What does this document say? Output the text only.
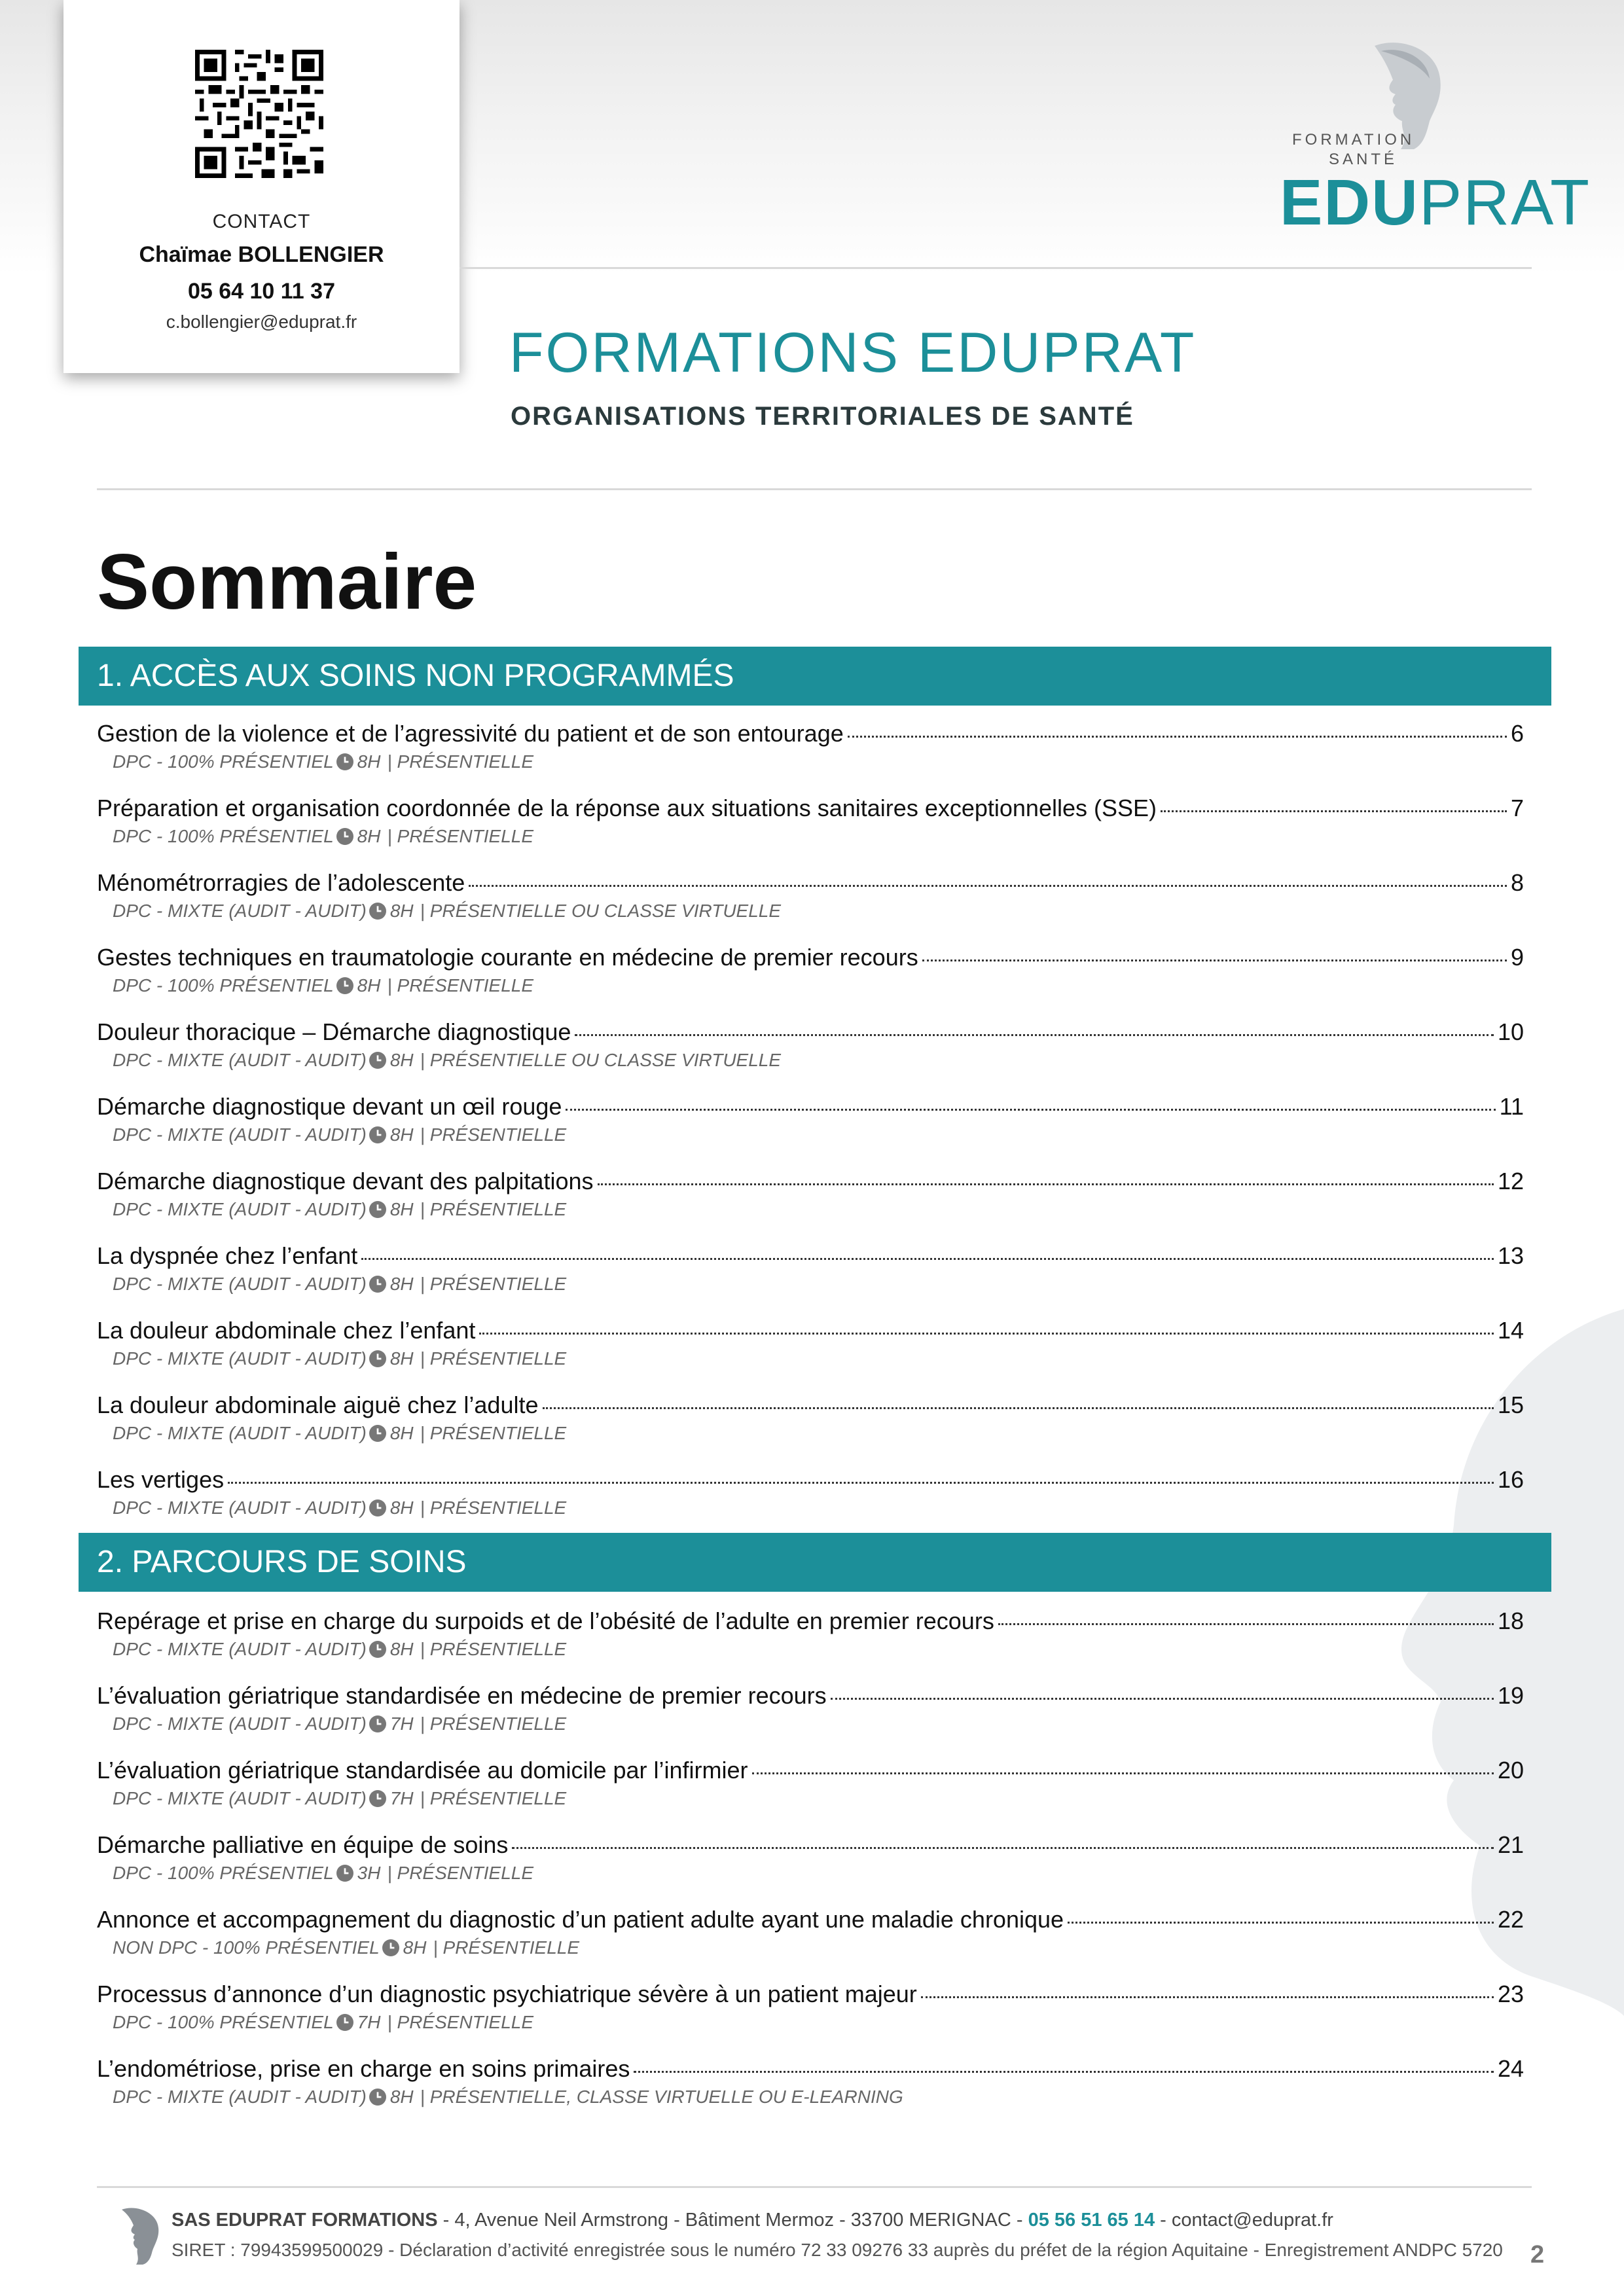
CONTACT
Chaïmae BOLLENGIER
05 64 10 11 37
c.bollengier@eduprat.fr
FORMATION
SANTÉ
EDUPRAT
FORMATIONS EDUPRAT
ORGANISATIONS TERRITORIALES DE SANTÉ
Sommaire
1. ACCÈS AUX SOINS NON PROGRAMMÉS
Gestion de la violence et de l’agressivité du patient et de son entourage	6
DPC - 100% PRÉSENTIEL 8H | PRÉSENTIELLE
Préparation et organisation coordonnée de la réponse aux situations sanitaires exceptionnelles (SSE)	7
DPC - 100% PRÉSENTIEL 8H | PRÉSENTIELLE
Ménométrorragies de l’adolescente	8
DPC - MIXTE (AUDIT - AUDIT) 8H | PRÉSENTIELLE OU CLASSE VIRTUELLE
Gestes techniques en traumatologie courante en médecine de premier recours	9
DPC - 100% PRÉSENTIEL 8H | PRÉSENTIELLE
Douleur thoracique – Démarche diagnostique	10
DPC - MIXTE (AUDIT - AUDIT) 8H | PRÉSENTIELLE OU CLASSE VIRTUELLE
Démarche diagnostique devant un œil rouge	11
DPC - MIXTE (AUDIT - AUDIT) 8H | PRÉSENTIELLE
Démarche diagnostique devant des palpitations	12
DPC - MIXTE (AUDIT - AUDIT) 8H | PRÉSENTIELLE
La dyspnée chez l’enfant	13
DPC - MIXTE (AUDIT - AUDIT) 8H | PRÉSENTIELLE
La douleur abdominale chez l’enfant	14
DPC - MIXTE (AUDIT - AUDIT) 8H | PRÉSENTIELLE
La douleur abdominale aiguë chez l’adulte	15
DPC - MIXTE (AUDIT - AUDIT) 8H | PRÉSENTIELLE
Les vertiges	16
DPC - MIXTE (AUDIT - AUDIT) 8H | PRÉSENTIELLE
2. PARCOURS DE SOINS
Repérage et prise en charge du surpoids et de l’obésité de l’adulte en premier recours	18
DPC - MIXTE (AUDIT - AUDIT) 8H | PRÉSENTIELLE
L’évaluation gériatrique standardisée en médecine de premier recours	19
DPC - MIXTE (AUDIT - AUDIT) 7H | PRÉSENTIELLE
L’évaluation gériatrique standardisée au domicile par l’infirmier	20
DPC - MIXTE (AUDIT - AUDIT) 7H | PRÉSENTIELLE
Démarche palliative en équipe de soins	21
DPC - 100% PRÉSENTIEL 3H | PRÉSENTIELLE
Annonce et accompagnement du diagnostic d’un patient adulte ayant une maladie chronique	22
NON DPC - 100% PRÉSENTIEL 8H | PRÉSENTIELLE
Processus d’annonce d’un diagnostic psychiatrique sévère à un patient majeur	23
DPC - 100% PRÉSENTIEL 7H | PRÉSENTIELLE
L’endométriose, prise en charge en soins primaires	24
DPC - MIXTE (AUDIT - AUDIT) 8H | PRÉSENTIELLE, CLASSE VIRTUELLE OU E-LEARNING
SAS EDUPRAT FORMATIONS - 4, Avenue Neil Armstrong - Bâtiment Mermoz - 33700 MERIGNAC - 05 56 51 65 14 - contact@eduprat.fr
SIRET : 79943599500029 - Déclaration d’activité enregistrée sous le numéro 72 33 09276 33 auprès du préfet de la région Aquitaine - Enregistrement ANDPC 5720 2
